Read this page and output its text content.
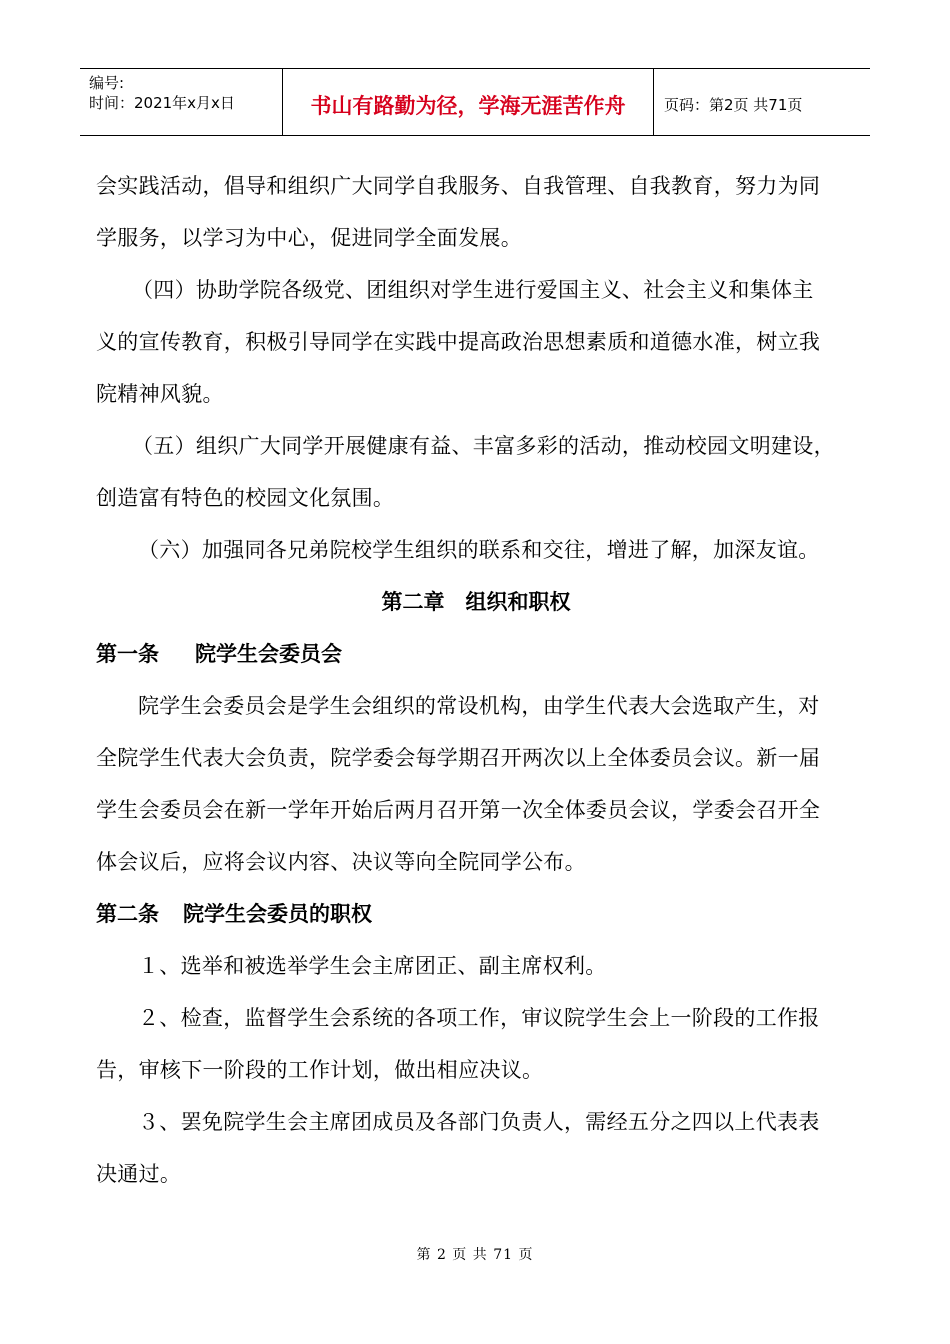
编号:
时间：2021年x月x日	书山有路勤为径，学海无涯苦作舟	页码：第2页 共71页
会实践活动，倡导和组织广大同学自我服务、自我管理、自我教育，努力为同
学服务，以学习为中心，促进同学全面发展。
（四）协助学院各级党、团组织对学生进行爱国主义、社会主义和集体主
义的宣传教育，积极引导同学在实践中提高政治思想素质和道德水准，树立我
院精神风貌。
（五）组织广大同学开展健康有益、丰富多彩的活动，推动校园文明建设，
创造富有特色的校园文化氛围。
（六）加强同各兄弟院校学生组织的联系和交往，增进了解，加深友谊。
第二章　组织和职权
第一条 院学生会委员会
院学生会委员会是学生会组织的常设机构，由学生代表大会选取产生，对
全院学生代表大会负责，院学委会每学期召开两次以上全体委员会议。新一届
学生会委员会在新一学年开始后两月召开第一次全体委员会议，学委会召开全
体会议后，应将会议内容、决议等向全院同学公布。
第二条 院学生会委员的职权
１、选举和被选举学生会主席团正、副主席权利。
２、检查，监督学生会系统的各项工作，审议院学生会上一阶段的工作报
告，审核下一阶段的工作计划，做出相应决议。
３、罢免院学生会主席团成员及各部门负责人，需经五分之四以上代表表
决通过。
第 2 页 共 71 页
